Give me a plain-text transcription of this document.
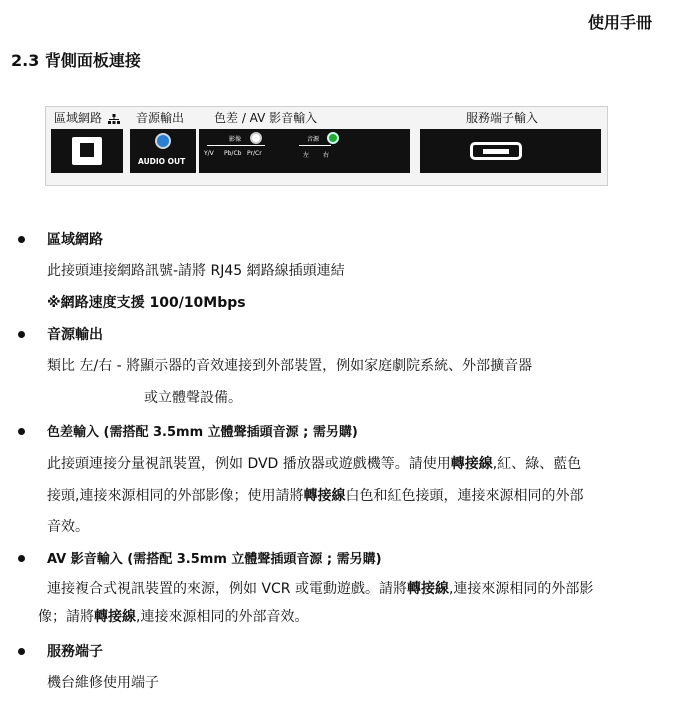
使用手冊
2.3 背側面板連接
區域網路	音源輸出 色差 / AV 影音輸入	服務端子輸入
AUDIO OUT
影像
Y/V Pb/Cb Pr/Cr
音源
左 右
區域網路
此接頭連接網路訊號-請將 RJ45 網路線插頭連結
※網路速度支援 100/10Mbps
音源輸出
類比 左/右 - 將顯示器的音效連接到外部裝置，例如家庭劇院系統、外部擴音器
或立體聲設備。
色差輸入 (需搭配 3.5mm 立體聲插頭音源 ; 需另購)
此接頭連接分量視訊裝置，例如 DVD 播放器或遊戲機等。請使用轉接線,紅、綠、藍色
接頭,連接來源相同的外部影像；使用請將轉接線白色和紅色接頭，連接來源相同的外部
音效。
AV 影音輸入 (需搭配 3.5mm 立體聲插頭音源 ; 需另購)
連接複合式視訊裝置的來源，例如 VCR 或電動遊戲。請將轉接線,連接來源相同的外部影
像；請將轉接線,連接來源相同的外部音效。
服務端子
機台維修使用端子
